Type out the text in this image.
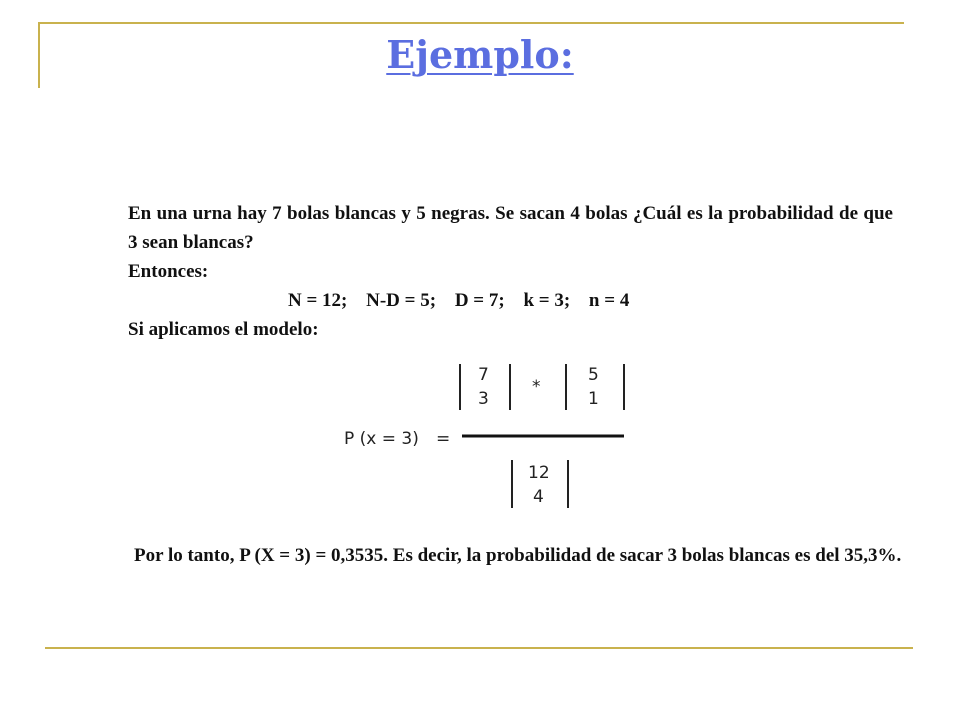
Ejemplo:

En una urna hay 7 bolas blancas y 5 negras. Se sacan 4 bolas ¿Cuál es la probabilidad de que 3 sean blancas?

Entonces:

N = 12; N-D = 5; D = 7; k = 3; n = 4

Si aplicamos el modelo:

P (x = 3) =
7
3
*
5
1
12
4

Por lo tanto, P (X = 3) = 0,3535. Es decir, la probabilidad de sacar 3 bolas blancas es del 35,3%.
